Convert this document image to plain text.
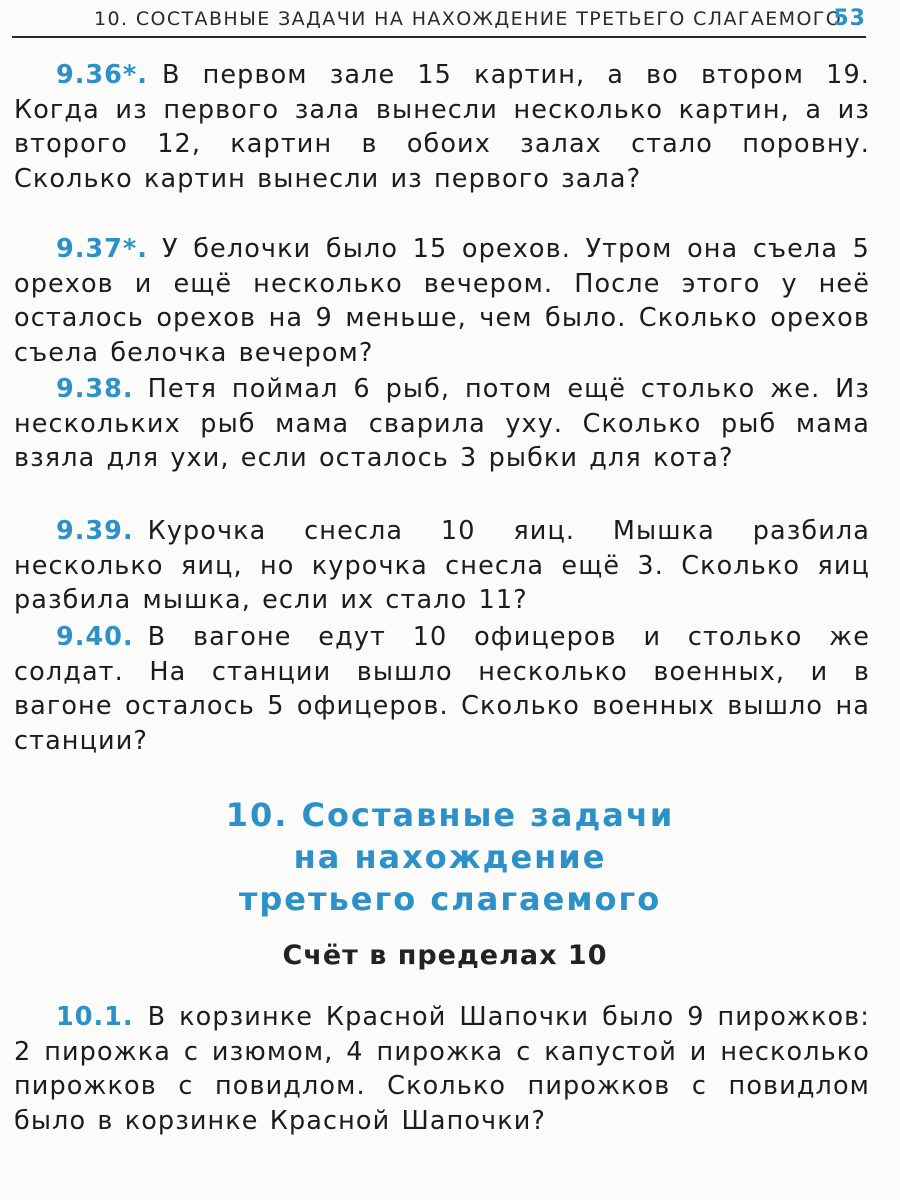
10. СОСТАВНЫЕ ЗАДАЧИ НА НАХОЖДЕНИЕ ТРЕТЬЕГО СЛАГАЕМОГО
53
9.36*. В первом зале 15 картин, а во втором 19. Когда из первого зала вынесли несколько картин, а из второго 12, картин в обоих залах стало поровну. Сколько картин вынесли из первого зала?
9.37*. У белочки было 15 орехов. Утром она съела 5 орехов и ещё несколько вечером. После этого у неё осталось орехов на 9 меньше, чем было. Сколько орехов съела белочка вечером?
9.38. Петя поймал 6 рыб, потом ещё столько же. Из нескольких рыб мама сварила уху. Сколько рыб мама взяла для ухи, если осталось 3 рыбки для кота?
9.39. Курочка снесла 10 яиц. Мышка разбила несколько яиц, но курочка снесла ещё 3. Сколько яиц разбила мышка, если их стало 11?
9.40. В вагоне едут 10 офицеров и столько же солдат. На станции вышло несколько военных, и в вагоне осталось 5 офицеров. Сколько военных вышло на станции?
10. Составные задачи
на нахождение
третьего слагаемого
Счёт в пределах 10
10.1. В корзинке Красной Шапочки было 9 пирожков: 2 пирожка с изюмом, 4 пирожка с капустой и несколько пирожков с повидлом. Сколько пирожков с повидлом было в корзинке Красной Шапочки?
